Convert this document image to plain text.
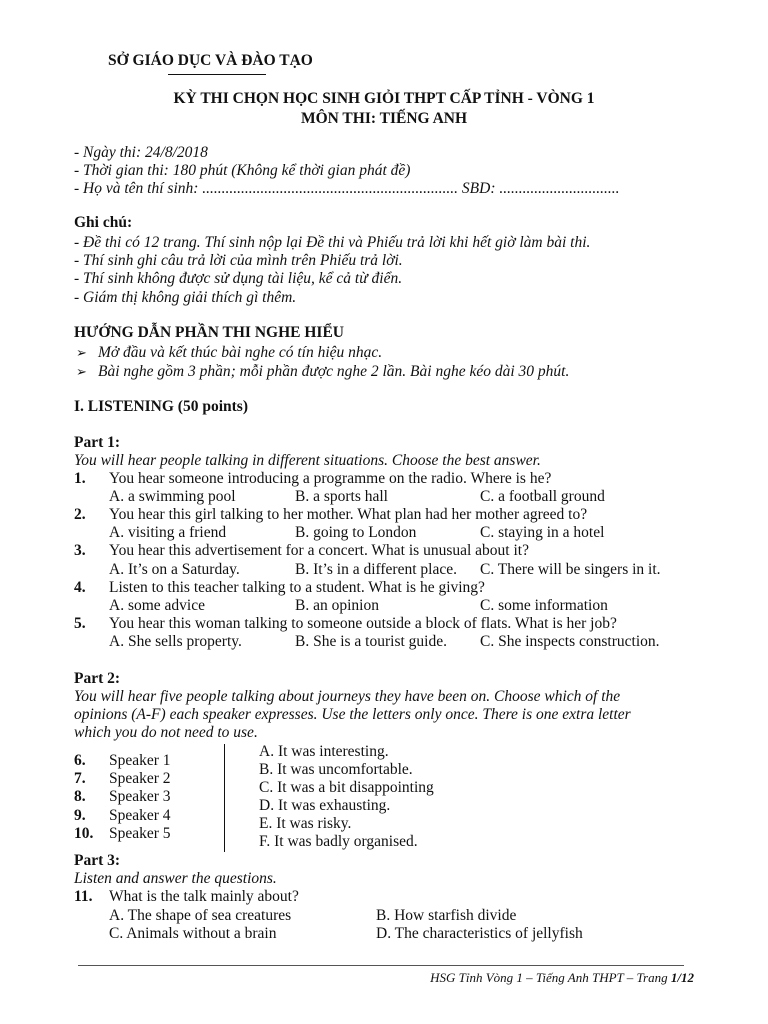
SỞ GIÁO DỤC VÀ ĐÀO TẠO
KỲ THI CHỌN HỌC SINH GIỎI THPT CẤP TỈNH - VÒNG 1
MÔN THI: TIẾNG ANH
- Ngày thi: 24/8/2018
- Thời gian thi: 180 phút (Không kể thời gian phát đề)
- Họ và tên thí sinh: .................................................................. SBD: ...............................
Ghi chú:
- Đề thi có 12 trang. Thí sinh nộp lại Đề thi và Phiếu trả lời khi hết giờ làm bài thi.
- Thí sinh ghi câu trả lời của mình trên Phiếu trả lời.
- Thí sinh không được sử dụng tài liệu, kể cả từ điển.
- Giám thị không giải thích gì thêm.
HƯỚNG DẪN PHẦN THI NGHE HIỂU
➢ Mở đầu và kết thúc bài nghe có tín hiệu nhạc.
➢ Bài nghe gồm 3 phần; mỗi phần được nghe 2 lần. Bài nghe kéo dài 30 phút.
I. LISTENING (50 points)
Part 1:
You will hear people talking in different situations. Choose the best answer.
1. You hear someone introducing a programme on the radio. Where is he?
A. a swimming pool	B. a sports hall	C. a football ground
2. You hear this girl talking to her mother. What plan had her mother agreed to?
A. visiting a friend	B. going to London	C. staying in a hotel
3. You hear this advertisement for a concert. What is unusual about it?
A. It’s on a Saturday.	B. It’s in a different place. C. There will be singers in it.
4. Listen to this teacher talking to a student. What is he giving?
A. some advice	B. an opinion	C. some information
5. You hear this woman talking to someone outside a block of flats. What is her job?
A. She sells property.	B. She is a tourist guide. C. She inspects construction.
Part 2:
You will hear five people talking about journeys they have been on. Choose which of the
opinions (A-F) each speaker expresses. Use the letters only once. There is one extra letter
which you do not need to use.
6. Speaker 1
7. Speaker 2
8. Speaker 3
9. Speaker 4
10. Speaker 5
A. It was interesting.
B. It was uncomfortable.
C. It was a bit disappointing
D. It was exhausting.
E. It was risky.
F. It was badly organised.
Part 3:
Listen and answer the questions.
11. What is the talk mainly about?
A. The shape of sea creatures	B. How starfish divide
C. Animals without a brain	D. The characteristics of jellyfish
HSG Tỉnh Vòng 1 – Tiếng Anh THPT – Trang 1/12
